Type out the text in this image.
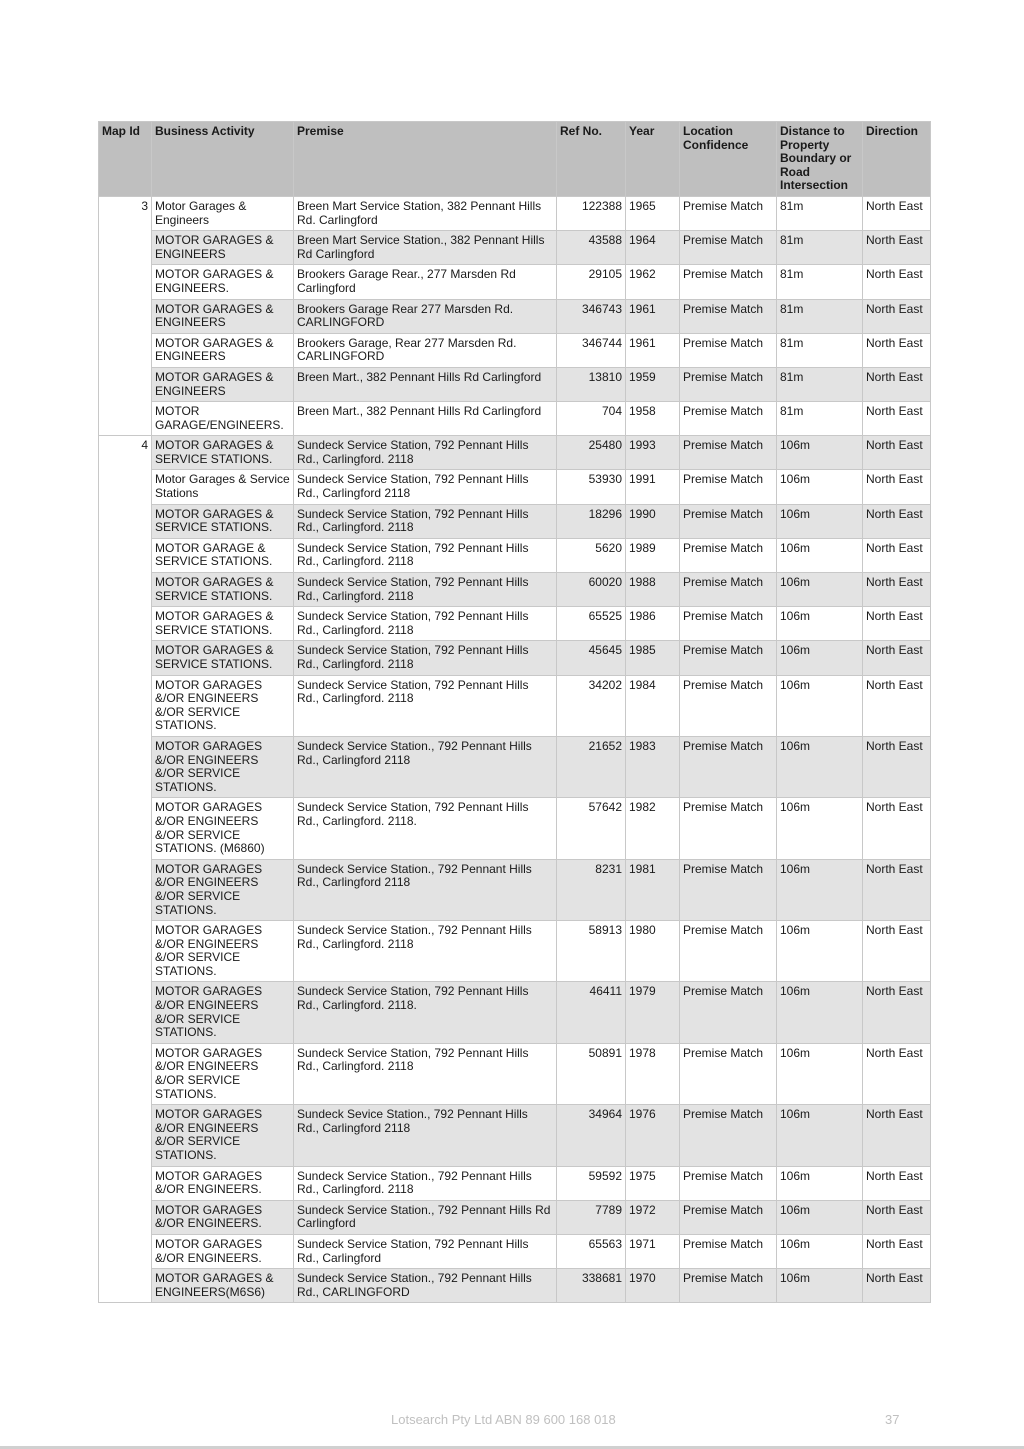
Map Id	Business Activity	Premise	Ref No.	Year	Location Confidence	Distance to Property Boundary or Road Intersection	Direction
3	Motor Garages & Engineers	Breen Mart Service Station, 382 Pennant Hills Rd. Carlingford	122388	1965	Premise Match	81m	North East
	MOTOR GARAGES & ENGINEERS	Breen Mart Service Station., 382 Pennant Hills Rd Carlingford	43588	1964	Premise Match	81m	North East
	MOTOR GARAGES & ENGINEERS.	Brookers Garage Rear., 277 Marsden Rd Carlingford	29105	1962	Premise Match	81m	North East
	MOTOR GARAGES & ENGINEERS	Brookers Garage Rear 277 Marsden Rd. CARLINGFORD	346743	1961	Premise Match	81m	North East
	MOTOR GARAGES & ENGINEERS	Brookers Garage, Rear 277 Marsden Rd. CARLINGFORD	346744	1961	Premise Match	81m	North East
	MOTOR GARAGES & ENGINEERS	Breen Mart., 382 Pennant Hills Rd Carlingford	13810	1959	Premise Match	81m	North East
	MOTOR GARAGE/ENGINEERS.	Breen Mart., 382 Pennant Hills Rd Carlingford	704	1958	Premise Match	81m	North East
4	MOTOR GARAGES & SERVICE STATIONS.	Sundeck Service Station, 792 Pennant Hills Rd., Carlingford. 2118	25480	1993	Premise Match	106m	North East
	Motor Garages & Service Stations	Sundeck Service Station, 792 Pennant Hills Rd., Carlingford 2118	53930	1991	Premise Match	106m	North East
	MOTOR GARAGES & SERVICE STATIONS.	Sundeck Service Station, 792 Pennant Hills Rd., Carlingford. 2118	18296	1990	Premise Match	106m	North East
	MOTOR GARAGE & SERVICE STATIONS.	Sundeck Service Station, 792 Pennant Hills Rd., Carlingford. 2118	5620	1989	Premise Match	106m	North East
	MOTOR GARAGES & SERVICE STATIONS.	Sundeck Service Station, 792 Pennant Hills Rd., Carlingford. 2118	60020	1988	Premise Match	106m	North East
	MOTOR GARAGES & SERVICE STATIONS.	Sundeck Service Station, 792 Pennant Hills Rd., Carlingford. 2118	65525	1986	Premise Match	106m	North East
	MOTOR GARAGES & SERVICE STATIONS.	Sundeck Service Station, 792 Pennant Hills Rd., Carlingford. 2118	45645	1985	Premise Match	106m	North East
	MOTOR GARAGES &/OR ENGINEERS &/OR SERVICE STATIONS.	Sundeck Service Station, 792 Pennant Hills Rd., Carlingford. 2118	34202	1984	Premise Match	106m	North East
	MOTOR GARAGES &/OR ENGINEERS &/OR SERVICE STATIONS.	Sundeck Service Station., 792 Pennant Hills Rd., Carlingford 2118	21652	1983	Premise Match	106m	North East
	MOTOR GARAGES &/OR ENGINEERS &/OR SERVICE STATIONS. (M6860)	Sundeck Service Station, 792 Pennant Hills Rd., Carlingford. 2118.	57642	1982	Premise Match	106m	North East
	MOTOR GARAGES &/OR ENGINEERS &/OR SERVICE STATIONS.	Sundeck Service Station., 792 Pennant Hills Rd., Carlingford 2118	8231	1981	Premise Match	106m	North East
	MOTOR GARAGES &/OR ENGINEERS &/OR SERVICE STATIONS.	Sundeck Service Station., 792 Pennant Hills Rd., Carlingford. 2118	58913	1980	Premise Match	106m	North East
	MOTOR GARAGES &/OR ENGINEERS &/OR SERVICE STATIONS.	Sundeck Service Station, 792 Pennant Hills Rd., Carlingford. 2118.	46411	1979	Premise Match	106m	North East
	MOTOR GARAGES &/OR ENGINEERS &/OR SERVICE STATIONS.	Sundeck Service Station, 792 Pennant Hills Rd., Carlingford. 2118	50891	1978	Premise Match	106m	North East
	MOTOR GARAGES &/OR ENGINEERS &/OR SERVICE STATIONS.	Sundeck Sevice Station., 792 Pennant Hills Rd., Carlingford 2118	34964	1976	Premise Match	106m	North East
	MOTOR GARAGES &/OR ENGINEERS.	Sundeck Service Station., 792 Pennant Hills Rd., Carlingford. 2118	59592	1975	Premise Match	106m	North East
	MOTOR GARAGES &/OR ENGINEERS.	Sundeck Service Station., 792 Pennant Hills Rd Carlingford	7789	1972	Premise Match	106m	North East
	MOTOR GARAGES &/OR ENGINEERS.	Sundeck Service Station, 792 Pennant Hills Rd., Carlingford	65563	1971	Premise Match	106m	North East
	MOTOR GARAGES & ENGINEERS(M6S6)	Sundeck Service Station., 792 Pennant Hills Rd., CARLINGFORD	338681	1970	Premise Match	106m	North East
Lotsearch Pty Ltd ABN 89 600 168 018	37
